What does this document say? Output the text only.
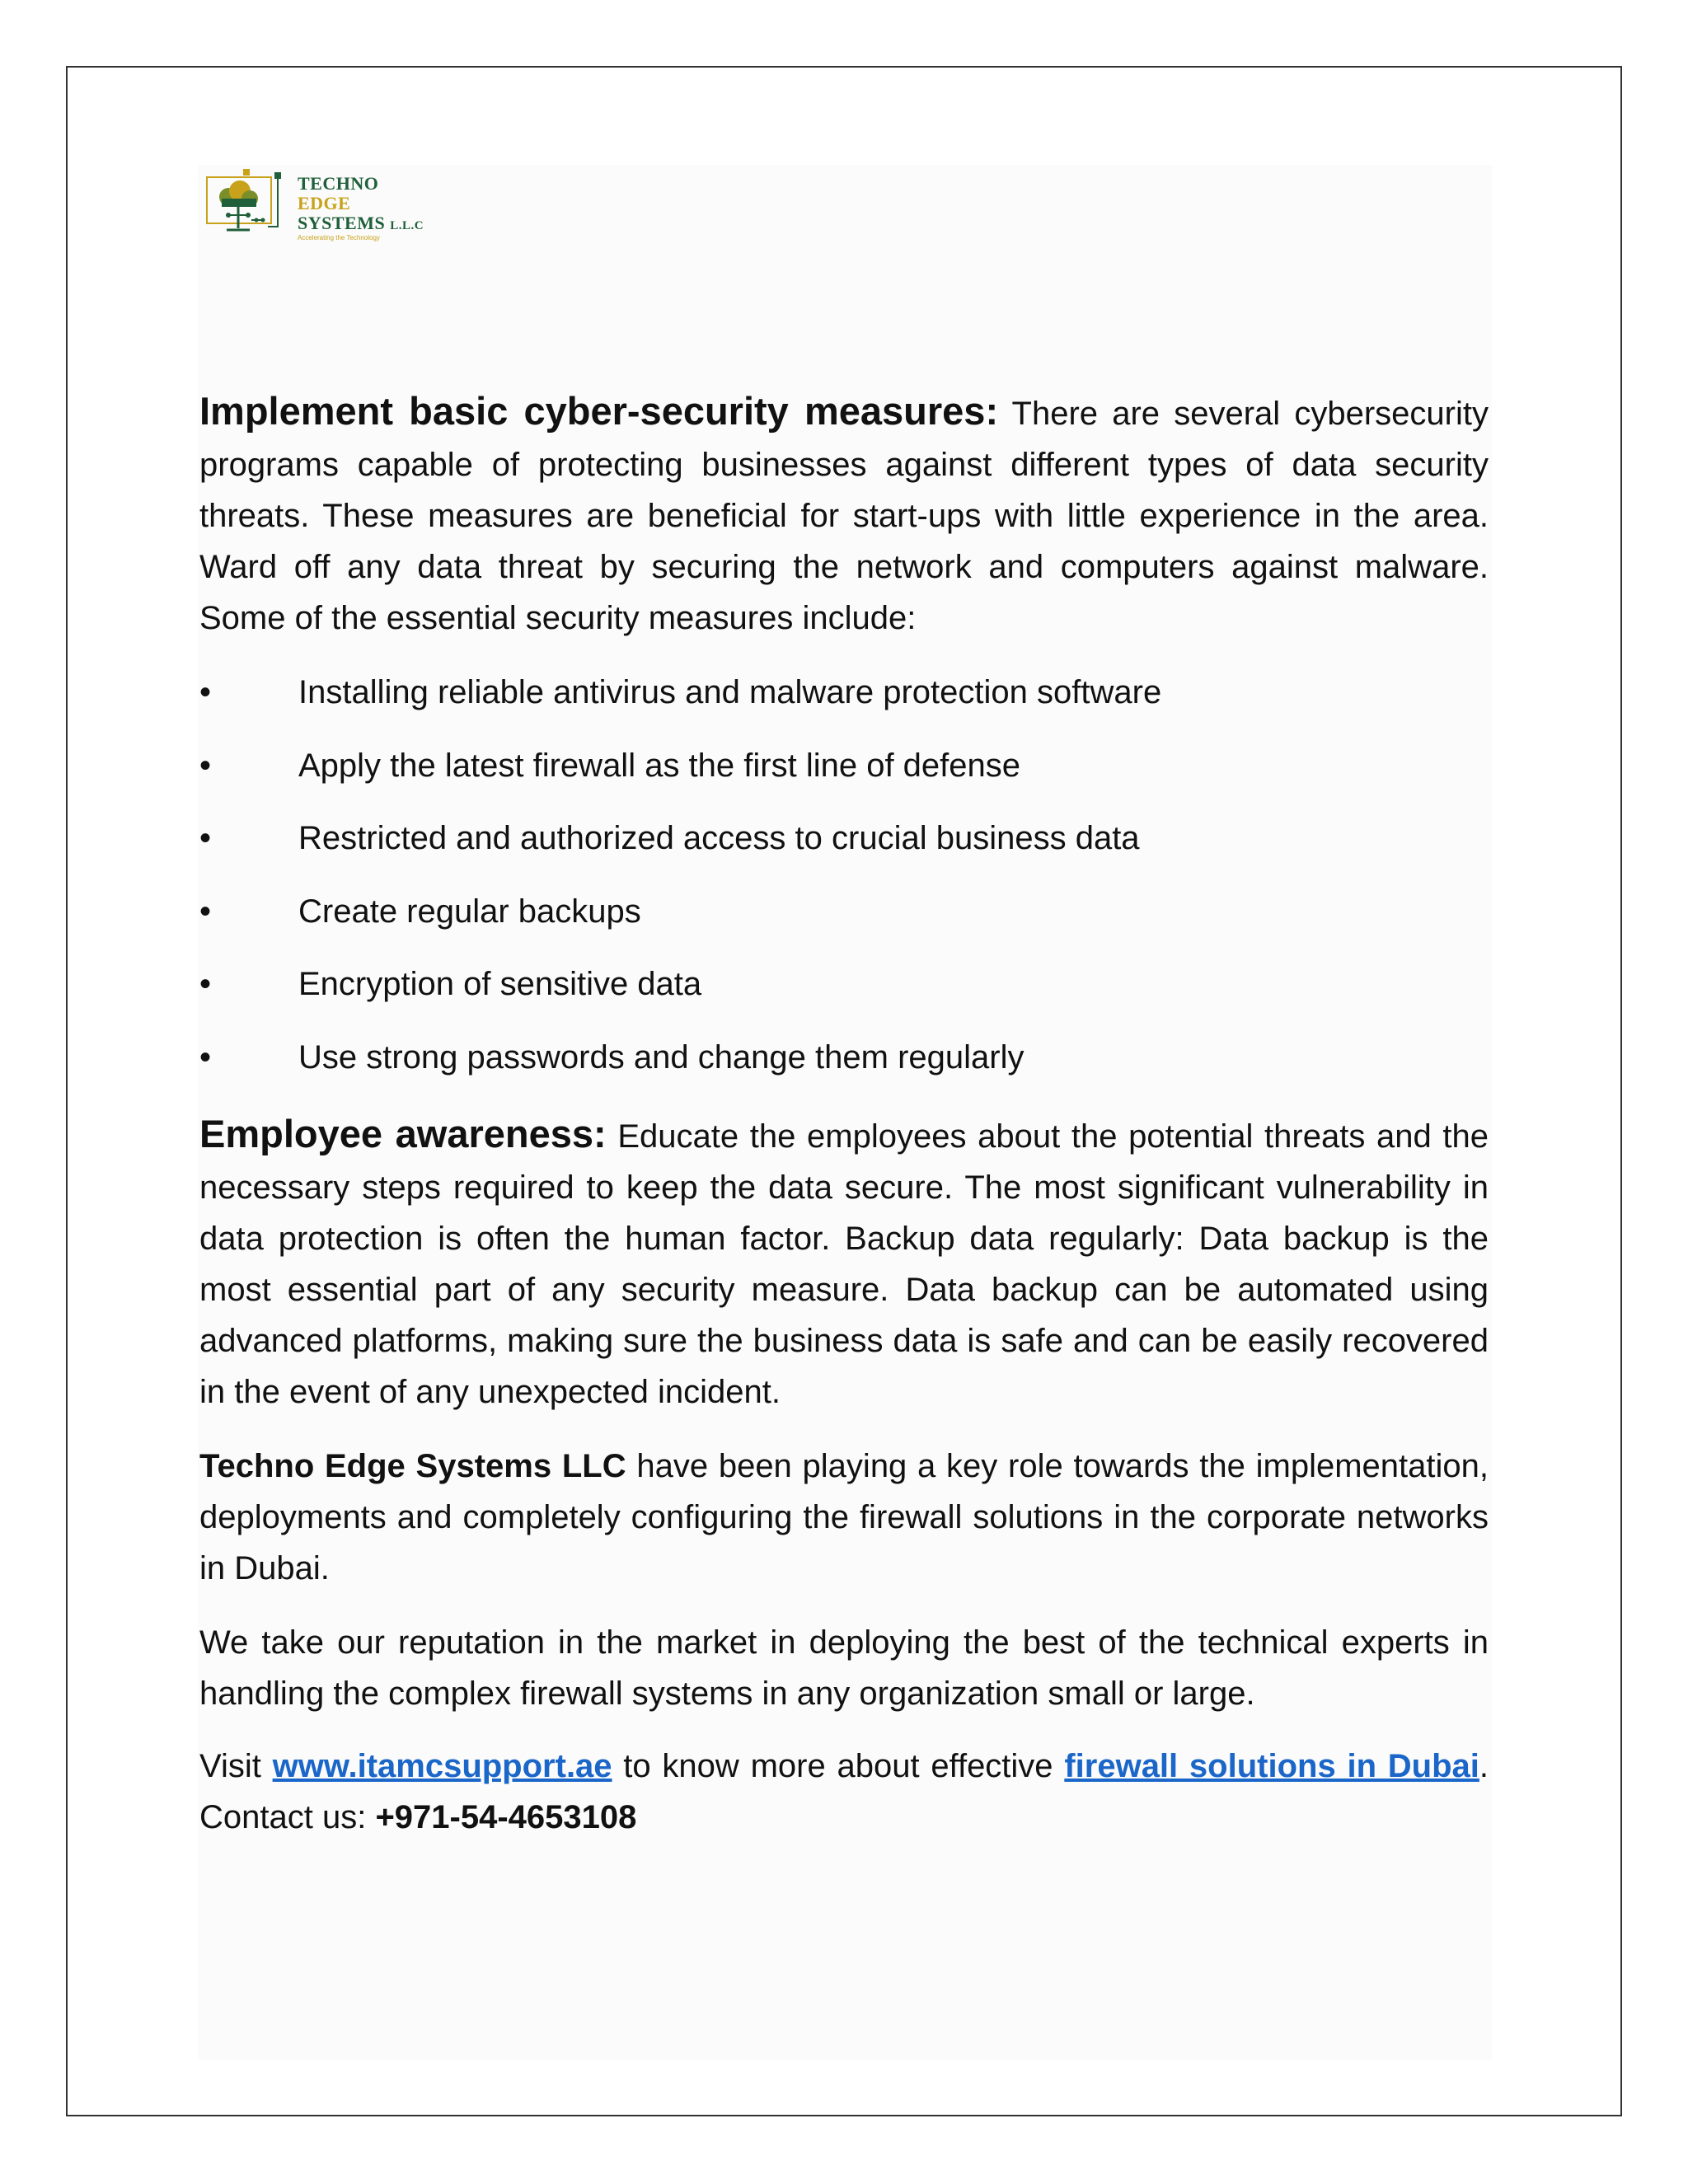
TECHNO
EDGE
SYSTEMS L.L.C
Accelerating the Technology

Implement basic cyber-security measures: There are several cybersecurity programs capable of protecting businesses against different types of data security threats. These measures are beneficial for start-ups with little experience in the area. Ward off any data threat by securing the network and computers against malware. Some of the essential security measures include:

•	Installing reliable antivirus and malware protection software
•	Apply the latest firewall as the first line of defense
•	Restricted and authorized access to crucial business data
•	Create regular backups
•	Encryption of sensitive data
•	Use strong passwords and change them regularly

Employee awareness: Educate the employees about the potential threats and the necessary steps required to keep the data secure. The most significant vulnerability in data protection is often the human factor. Backup data regularly: Data backup is the most essential part of any security measure. Data backup can be automated using advanced platforms, making sure the business data is safe and can be easily recovered in the event of any unexpected incident.

Techno Edge Systems LLC have been playing a key role towards the implementation, deployments and completely configuring the firewall solutions in the corporate networks in Dubai.

We take our reputation in the market in deploying the best of the technical experts in handling the complex firewall systems in any organization small or large.

Visit www.itamcsupport.ae to know more about effective firewall solutions in Dubai. Contact us: +971-54-4653108
